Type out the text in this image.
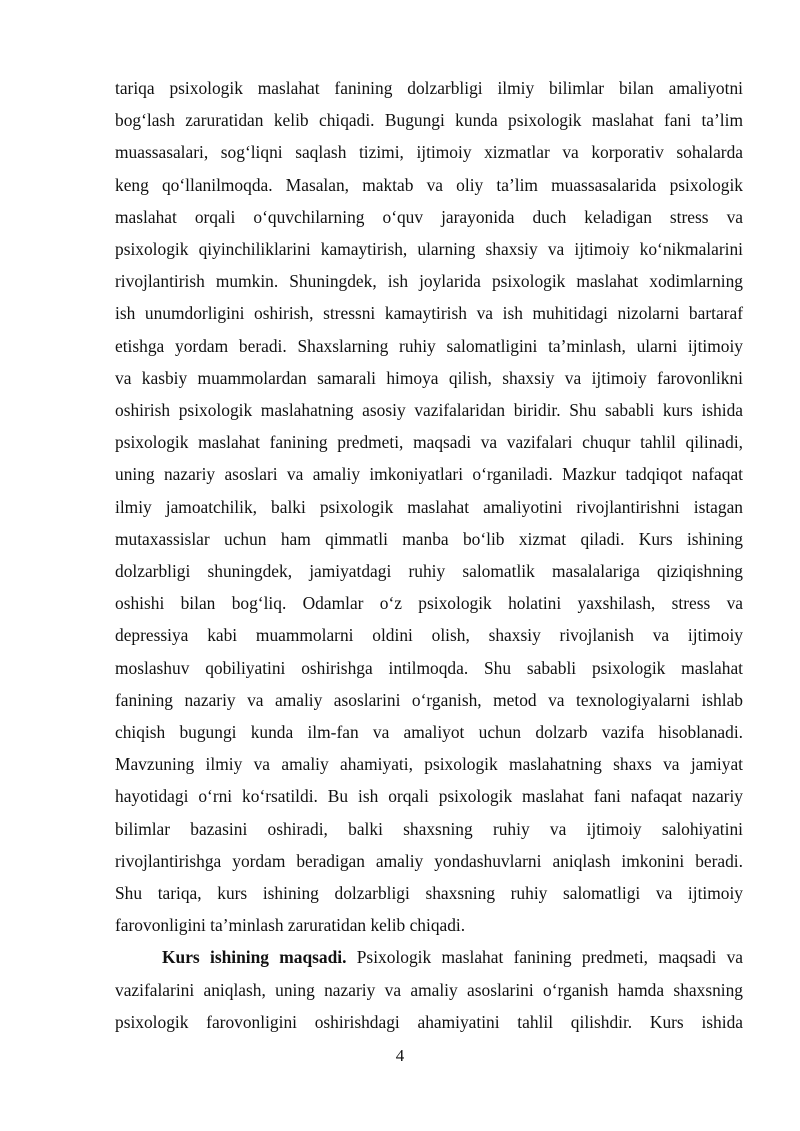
tariqa psixologik maslahat fanining dolzarbligi ilmiy bilimlar bilan amaliyotni
bog‘lash zaruratidan kelib chiqadi. Bugungi kunda psixologik maslahat fani ta’lim
muassasalari, sog‘liqni saqlash tizimi, ijtimoiy xizmatlar va korporativ sohalarda
keng qo‘llanilmoqda. Masalan, maktab va oliy ta’lim muassasalarida psixologik
maslahat orqali o‘quvchilarning o‘quv jarayonida duch keladigan stress va
psixologik qiyinchiliklarini kamaytirish, ularning shaxsiy va ijtimoiy ko‘nikmalarini
rivojlantirish mumkin. Shuningdek, ish joylarida psixologik maslahat xodimlarning
ish unumdorligini oshirish, stressni kamaytirish va ish muhitidagi nizolarni bartaraf
etishga yordam beradi. Shaxslarning ruhiy salomatligini ta’minlash, ularni ijtimoiy
va kasbiy muammolardan samarali himoya qilish, shaxsiy va ijtimoiy farovonlikni
oshirish psixologik maslahatning asosiy vazifalaridan biridir. Shu sababli kurs ishida
psixologik maslahat fanining predmeti, maqsadi va vazifalari chuqur tahlil qilinadi,
uning nazariy asoslari va amaliy imkoniyatlari o‘rganiladi. Mazkur tadqiqot nafaqat
ilmiy jamoatchilik, balki psixologik maslahat amaliyotini rivojlantirishni istagan
mutaxassislar uchun ham qimmatli manba bo‘lib xizmat qiladi. Kurs ishining
dolzarbligi shuningdek, jamiyatdagi ruhiy salomatlik masalalariga qiziqishning
oshishi bilan bog‘liq. Odamlar o‘z psixologik holatini yaxshilash, stress va
depressiya kabi muammolarni oldini olish, shaxsiy rivojlanish va ijtimoiy
moslashuv qobiliyatini oshirishga intilmoqda. Shu sababli psixologik maslahat
fanining nazariy va amaliy asoslarini o‘rganish, metod va texnologiyalarni ishlab
chiqish bugungi kunda ilm-fan va amaliyot uchun dolzarb vazifa hisoblanadi.
Mavzuning ilmiy va amaliy ahamiyati, psixologik maslahatning shaxs va jamiyat
hayotidagi o‘rni ko‘rsatildi. Bu ish orqali psixologik maslahat fani nafaqat nazariy
bilimlar bazasini oshiradi, balki shaxsning ruhiy va ijtimoiy salohiyatini
rivojlantirishga yordam beradigan amaliy yondashuvlarni aniqlash imkonini beradi.
Shu tariqa, kurs ishining dolzarbligi shaxsning ruhiy salomatligi va ijtimoiy
farovonligini ta’minlash zaruratidan kelib chiqadi.
Kurs ishining maqsadi. Psixologik maslahat fanining predmeti, maqsadi va
vazifalarini aniqlash, uning nazariy va amaliy asoslarini o‘rganish hamda shaxsning
psixologik farovonligini oshirishdagi ahamiyatini tahlil qilishdir. Kurs ishida
4
